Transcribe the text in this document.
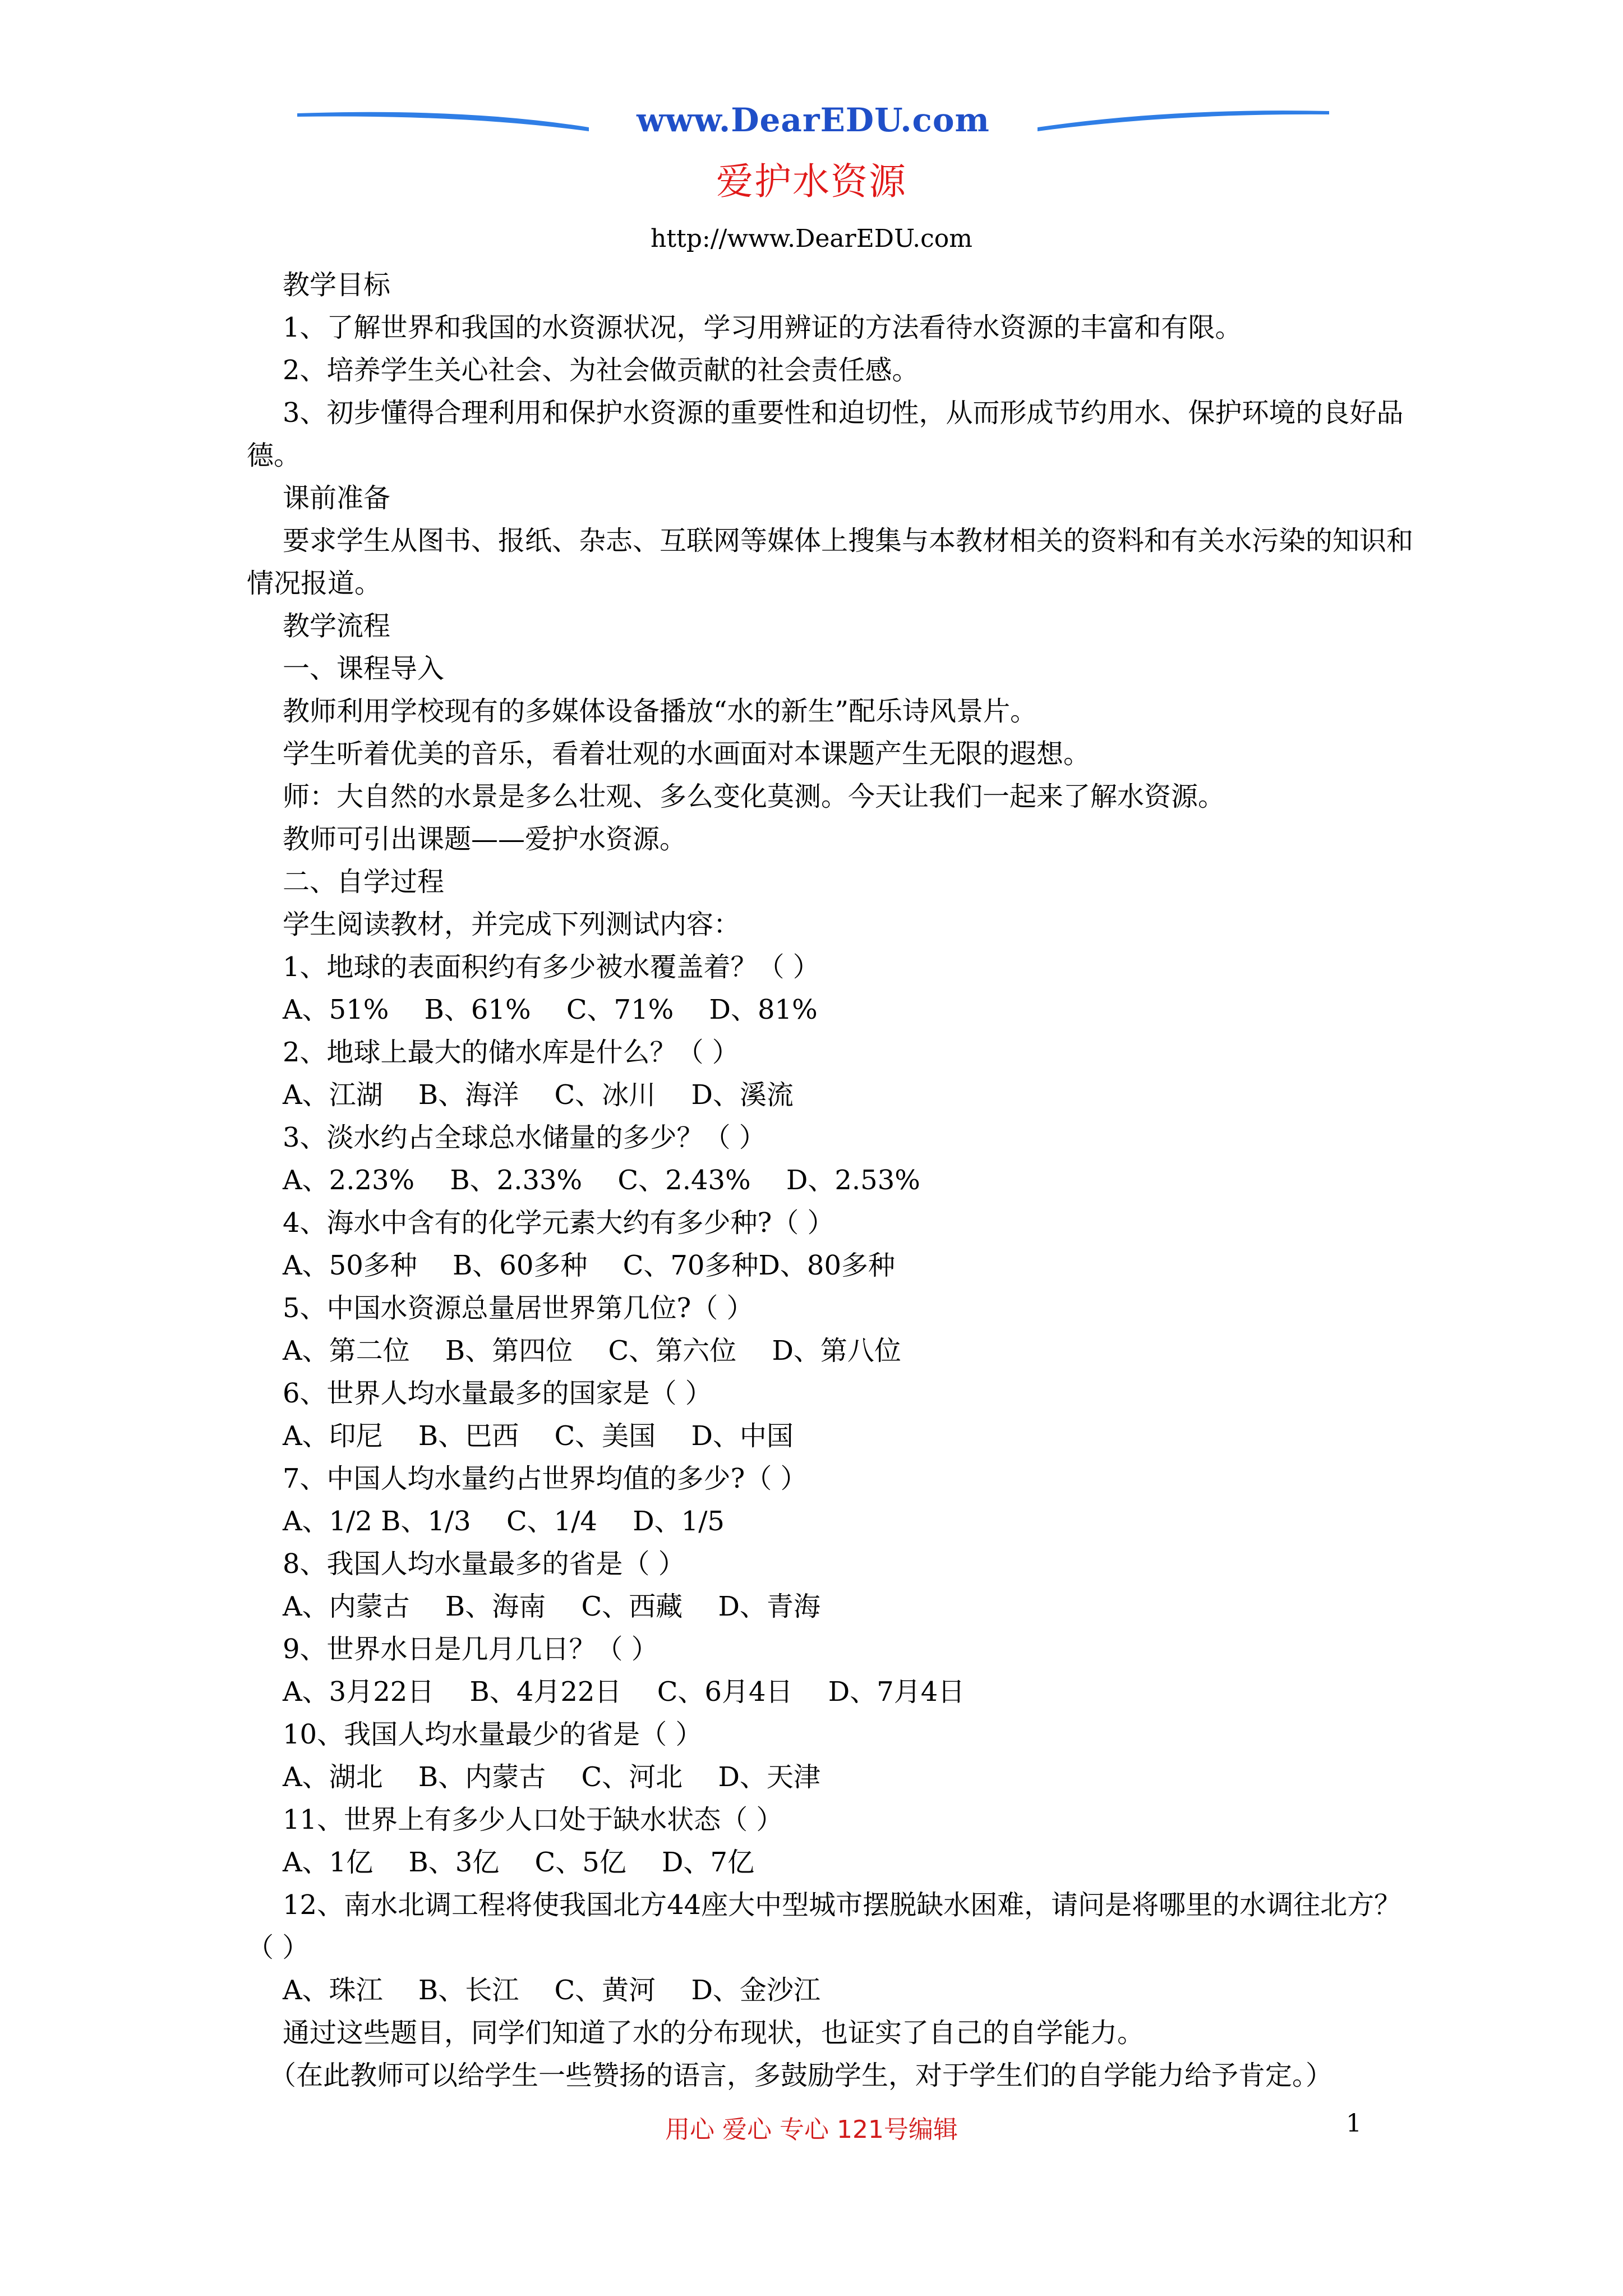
www.DearEDU.com
爱护水资源
http://www.DearEDU.com

教学目标

1、了解世界和我国的水资源状况，学习用辨证的方法看待水资源的丰富和有限。

2、培养学生关心社会、为社会做贡献的社会责任感。

3、初步懂得合理利用和保护水资源的重要性和迫切性，从而形成节约用水、保护环境的良好品德。

课前准备

要求学生从图书、报纸、杂志、互联网等媒体上搜集与本教材相关的资料和有关水污染的知识和情况报道。

教学流程

一、课程导入

教师利用学校现有的多媒体设备播放“水的新生”配乐诗风景片。

学生听着优美的音乐，看着壮观的水画面对本课题产生无限的遐想。

师：大自然的水景是多么壮观、多么变化莫测。今天让我们一起来了解水资源。

教师可引出课题——爱护水资源。

二、自学过程

学生阅读教材，并完成下列测试内容：

1、地球的表面积约有多少被水覆盖着？（ ）

A、51%　 B、61%　 C、71%　 D、81%

2、地球上最大的储水库是什么？（ ）

A、江湖　 B、海洋　 C、冰川　 D、溪流

3、淡水约占全球总水储量的多少？（ ）

A、2.23%　 B、2.33%　 C、2.43%　 D、2.53%

4、海水中含有的化学元素大约有多少种?（ ）

A、50多种　 B、60多种　 C、70多种D、80多种

5、中国水资源总量居世界第几位?（ ）

A、第二位　 B、第四位　 C、第六位　 D、第八位

6、世界人均水量最多的国家是（ ）

A、印尼　 B、巴西　 C、美国　 D、中国

7、中国人均水量约占世界均值的多少?（ ）

A、1/2 B、1/3　 C、1/4　 D、1/5

8、我国人均水量最多的省是（ ）

A、内蒙古　 B、海南　 C、西藏　 D、青海

9、世界水日是几月几日？（ ）

A、3月22日　 B、4月22日　 C、6月4日　 D、7月4日

10、我国人均水量最少的省是（ ）

A、湖北　 B、内蒙古　 C、河北　 D、天津

11、世界上有多少人口处于缺水状态（ ）

A、1亿　 B、3亿　 C、5亿　 D、7亿

12、南水北调工程将使我国北方44座大中型城市摆脱缺水困难，请问是将哪里的水调往北方？（ ）

A、珠江　 B、长江　 C、黄河　 D、金沙江

通过这些题目，同学们知道了水的分布现状，也证实了自己的自学能力。

（在此教师可以给学生一些赞扬的语言，多鼓励学生，对于学生们的自学能力给予肯定。）

用心 爱心 专心 121号编辑	1
